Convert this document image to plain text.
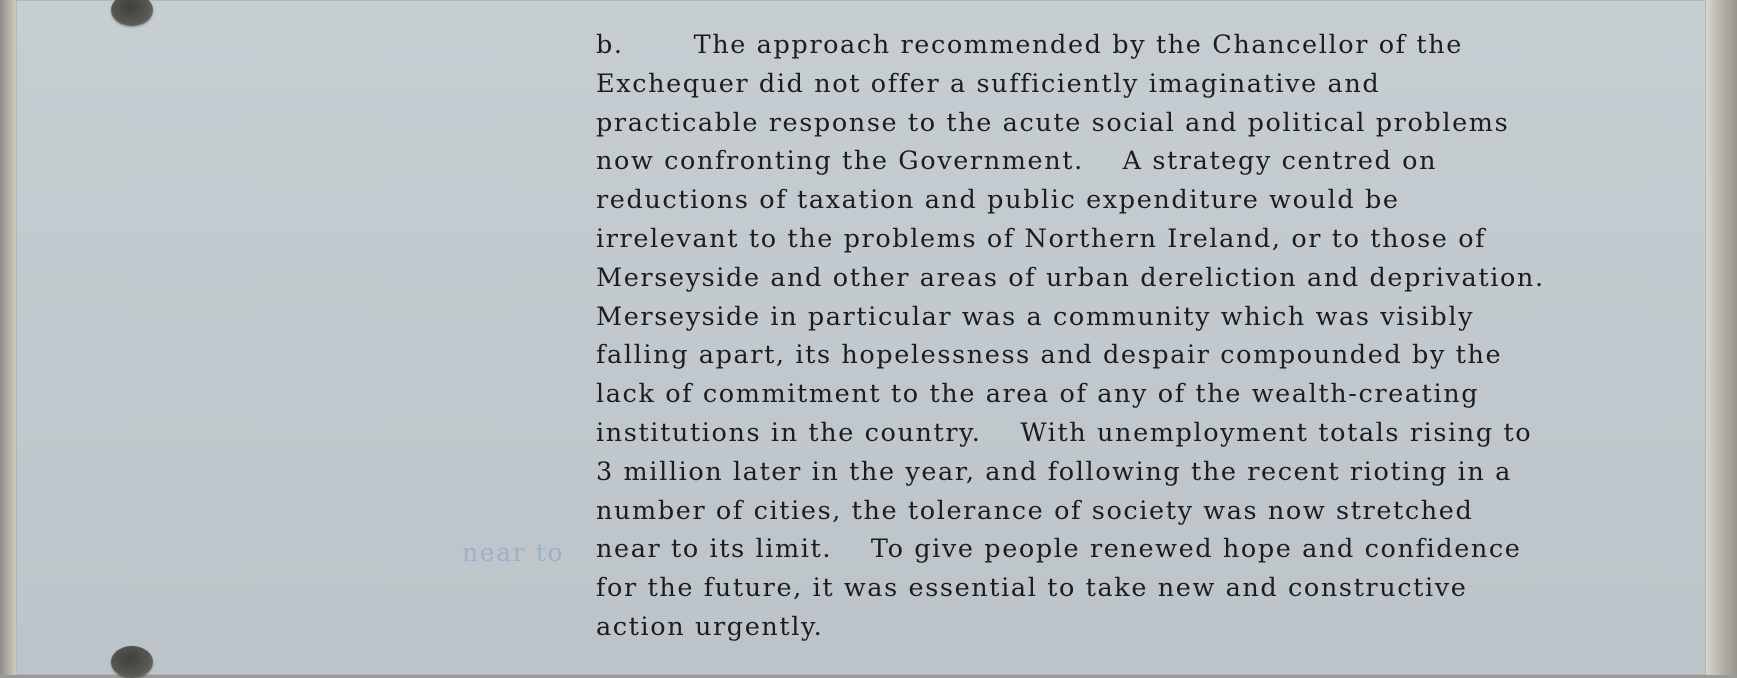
near to
b.	The approach recommended by the Chancellor of the
Exchequer did not offer a sufficiently imaginative and
practicable response to the acute social and political problems
now confronting the Government.    A strategy centred on
reductions of taxation and public expenditure would be
irrelevant to the problems of Northern Ireland, or to those of
Merseyside and other areas of urban dereliction and deprivation.
Merseyside in particular was a community which was visibly
falling apart, its hopelessness and despair compounded by the
lack of commitment to the area of any of the wealth-creating
institutions in the country.    With unemployment totals rising to
3 million later in the year, and following the recent rioting in a
number of cities, the tolerance of society was now stretched
near to its limit.    To give people renewed hope and confidence
for the future, it was essential to take new and constructive
action urgently.
